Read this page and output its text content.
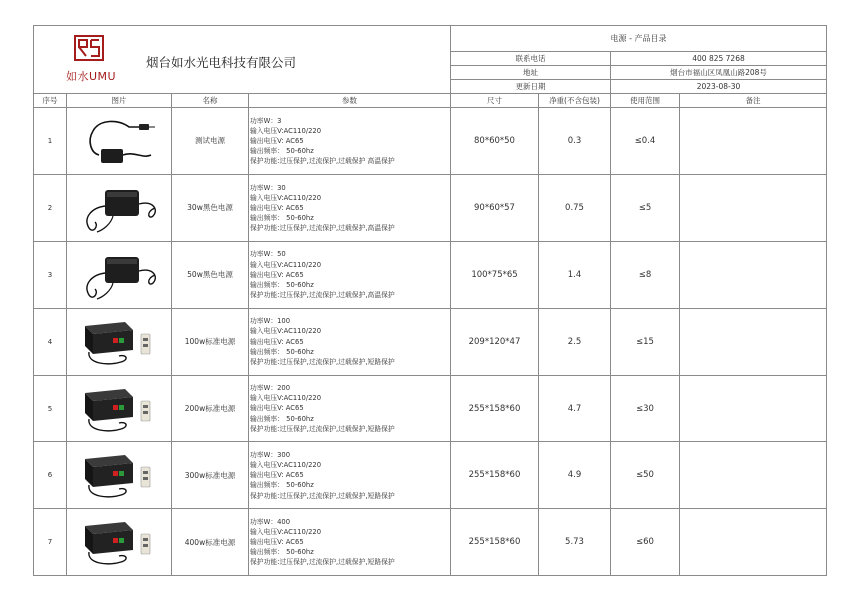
如水UMU
烟台如水光电科技有限公司				电源 - 产品目录			
				联系电话		400 825 7268	
				地址		烟台市福山区凤凰山路208号	
				更新日期		2023-08-30	
序号	图片	名称	参数	尺寸	净重(不含包装)	使用范围	备注
1		测试电源	功率W：3
输入电压V:AC110/220
输出电压V: AC65
输出频率： 50-60hz
保护功能:过压保护,过流保护,过载保护 高温保护	80*60*50	0.3	≤0.4	
2		30w黑色电源	功率W：30
输入电压V:AC110/220
输出电压V: AC65
输出频率： 50-60hz
保护功能:过压保护,过流保护,过载保护,高温保护	90*60*57	0.75	≤5	
3		50w黑色电源	功率W：50
输入电压V:AC110/220
输出电压V: AC65
输出频率： 50-60hz
保护功能:过压保护,过流保护,过载保护,高温保护	100*75*65	1.4	≤8	
4		100w标准电源	功率W：100
输入电压V:AC110/220
输出电压V: AC65
输出频率： 50-60hz
保护功能:过压保护,过流保护,过载保护,短路保护	209*120*47	2.5	≤15	
5		200w标准电源	功率W：200
输入电压V:AC110/220
输出电压V: AC65
输出频率： 50-60hz
保护功能:过压保护,过流保护,过载保护,短路保护	255*158*60	4.7	≤30	
6		300w标准电源	功率W：300
输入电压V:AC110/220
输出电压V: AC65
输出频率： 50-60hz
保护功能:过压保护,过流保护,过载保护,短路保护	255*158*60	4.9	≤50	
7		400w标准电源	功率W：400
输入电压V:AC110/220
输出电压V: AC65
输出频率： 50-60hz
保护功能:过压保护,过流保护,过载保护,短路保护	255*158*60	5.73	≤60	
